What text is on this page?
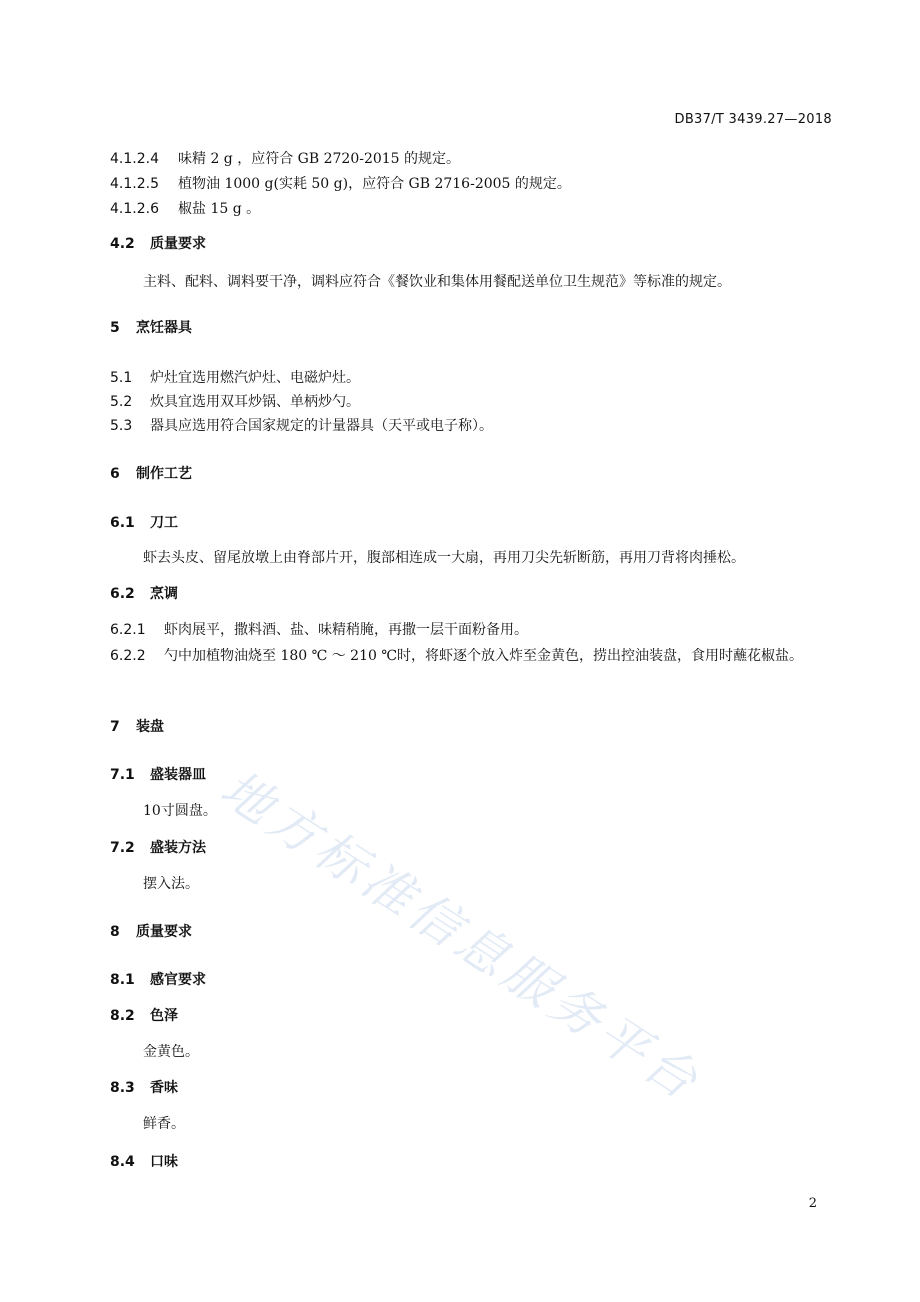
DB37/T 3439.27—2018
4.1.2.4 味精 2 g ，应符合 GB 2720-2015 的规定。
4.1.2.5 植物油 1000 g(实耗 50 g)，应符合 GB 2716-2005 的规定。
4.1.2.6 椒盐 15 g 。
4.2 质量要求
主料、配料、调料要干净，调料应符合《餐饮业和集体用餐配送单位卫生规范》等标准的规定。
5 烹饪器具
5.1 炉灶宜选用燃汽炉灶、电磁炉灶。
5.2 炊具宜选用双耳炒锅、单柄炒勺。
5.3 器具应选用符合国家规定的计量器具（天平或电子称）。
6 制作工艺
6.1 刀工
虾去头皮、留尾放墩上由脊部片开，腹部相连成一大扇，再用刀尖先斩断筋，再用刀背将肉捶松。
6.2 烹调
6.2.1 虾肉展平，撒料酒、盐、味精稍腌，再撒一层干面粉备用。
6.2.2 勺中加植物油烧至 180 ℃ ～ 210 ℃时，将虾逐个放入炸至金黄色，捞出控油装盘，食用时蘸花椒盐。
7 装盘
7.1 盛装器皿
10寸圆盘。
7.2 盛装方法
摆入法。
8 质量要求
8.1 感官要求
8.2 色泽
金黄色。
8.3 香味
鲜香。
8.4 口味
地方标准信息服务平台
2
